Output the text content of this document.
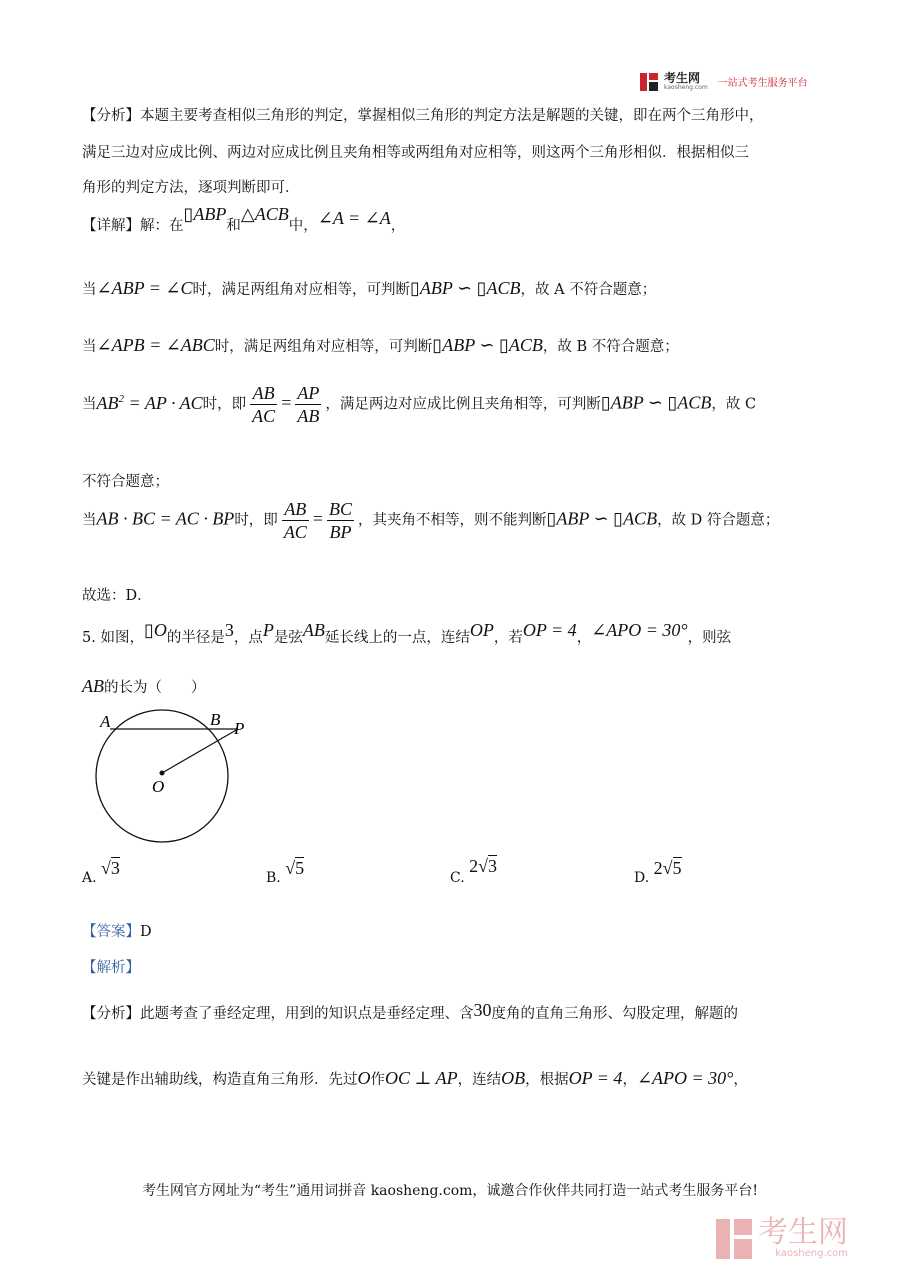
考生网
kaosheng.com 一站式考生服务平台
【分析】本题主要考查相似三角形的判定，掌握相似三角形的判定方法是解题的关键，即在两个三角形中，
满足三边对应成比例、两边对应成比例且夹角相等或两组角对应相等，则这两个三角形相似．根据相似三
角形的判定方法，逐项判断即可．
【详解】解：在▯ABP和△ACB中，∠A = ∠A，
当∠ABP = ∠C时，满足两组角对应相等，可判断▯ABP ∽ ▯ACB，故 A 不符合题意；
当∠APB = ∠ABC时，满足两组角对应相等，可判断▯ABP ∽ ▯ACB，故 B 不符合题意；
当$AB^2$ = AP · AC时，即 $\frac{AB}{AC} = \frac{AP}{AB}$ ，满足两边对应成比例且夹角相等，可判断▯ABP ∽ ▯ACB，故 C
不符合题意；
当AB · BC = AC · BP时，即 $\frac{AB}{AC} = \frac{BC}{BP}$ ，其夹角不相等，则不能判断▯ABP ∽ ▯ACB，故 D 符合题意；
故选：D．
5. 如图，▯O的半径是3，点P是弦AB延长线上的一点，连结OP，若OP = 4，∠APO = 30°，则弦
AB的长为（　　）
A	B P
O
A. √3	B. √5	C. 2√3
D. 2√5
【答案】D
【解析】
【分析】此题考查了垂经定理，用到的知识点是垂经定理、含30度角的直角三角形、勾股定理，解题的
关键是作出辅助线，构造直角三角形．先过O作OC ⊥ AP，连结OB，根据OP = 4，∠APO = 30°，
考生网官方网址为“考生”通用词拼音 kaosheng.com，诚邀合作伙伴共同打造一站式考生服务平台!
考生网
kaosheng.com
